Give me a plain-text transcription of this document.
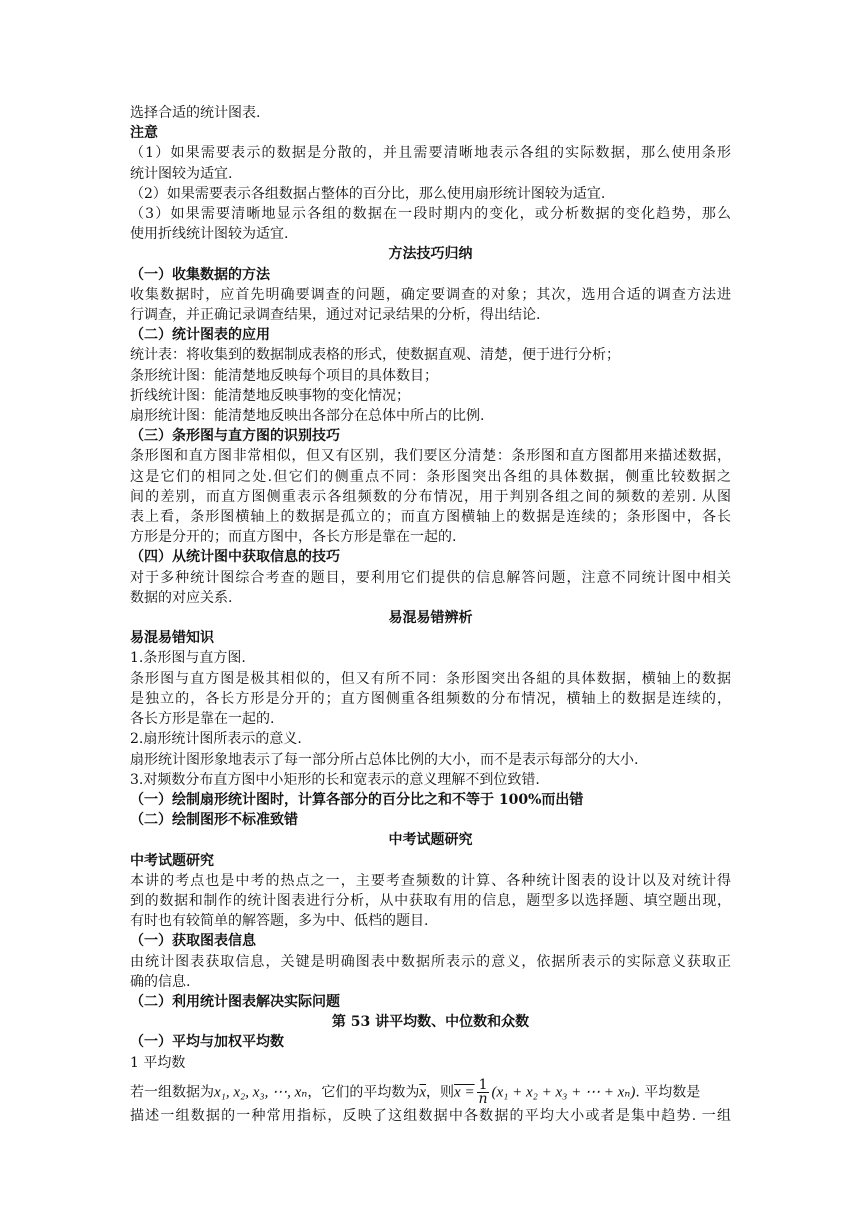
选择合适的统计图表.
注意
（1）如果需要表示的数据是分散的，并且需要清晰地表示各组的实际数据，那么使用条形
统计图较为适宜.
（2）如果需要表示各组数据占整体的百分比，那么使用扇形统计图较为适宜.
（3）如果需要清晰地显示各组的数据在一段时期内的变化，或分析数据的变化趋势，那么
使用折线统计图较为适宜.
方法技巧归纳
（一）收集数据的方法
收集数据时，应首先明确要调查的问题，确定要调查的对象；其次，选用合适的调查方法进
行调查，并正确记录调查结果，通过对记录结果的分析，得出结论.
（二）统计图表的应用
统计表：将收集到的数据制成表格的形式，使数据直观、清楚，便于进行分析；
条形统计图：能清楚地反映每个项目的具体数目；
折线统计图：能清楚地反映事物的变化情况；
扇形统计图：能清楚地反映出各部分在总体中所占的比例.
（三）条形图与直方图的识别技巧
条形图和直方图非常相似，但又有区别，我们要区分清楚：条形图和直方图都用来描述数据，
这是它们的相同之处.但它们的侧重点不同：条形图突出各组的具体数据，侧重比较数据之
间的差别，而直方图侧重表示各组频数的分布情况，用于判别各组之间的频数的差别. 从图
表上看，条形图横轴上的数据是孤立的；而直方图横轴上的数据是连续的；条形图中，各长
方形是分开的；而直方图中，各长方形是靠在一起的.
（四）从统计图中获取信息的技巧
对于多种统计图综合考查的题目，要利用它们提供的信息解答问题，注意不同统计图中相关
数据的对应关系.
易混易错辨析
易混易错知识
1.条形图与直方图.
条形图与直方图是极其相似的，但又有所不同：条形图突出各組的具体数据，横轴上的数据
是独立的，各长方形是分开的；直方图侧重各组频数的分布情况，横轴上的数据是连续的，
各长方形是靠在一起的.
2.扇形统计图所表示的意义.
扇形统计图形象地表示了每一部分所占总体比例的大小，而不是表示每部分的大小.
3.对频数分布直方图中小矩形的长和宽表示的意义理解不到位致错.
（一）绘制扇形统计图时，计算各部分的百分比之和不等于 100%而出错
（二）绘制图形不标准致错
中考试题研究
中考试题研究
本讲的考点也是中考的热点之一，主要考查频数的计算、各种统计图表的设计以及对统计得
到的数据和制作的统计图表进行分析，从中获取有用的信息，题型多以选择题、填空题出现，
有时也有较简单的解答题，多为中、低档的题目.
（一）获取图表信息
由统计图表获取信息，关键是明确图表中数据所表示的意义，依据所表示的实际意义获取正
确的信息.
（二）利用统计图表解决实际问题
第 53 讲平均数、中位数和众数
（一）平均与加权平均数
1 平均数
若一组数据为x₁, x₂, x₃, ⋯, xₙ，它们的平均数为$\overline{x}$，则$x = \frac{1}{n} (x_1 + x_2 + x_3$ + ⋯ + xₙ). 平均数是
描述一组数据的一种常用指标，反映了这组数据中各数据的平均大小或者是集中趋势. 一组
